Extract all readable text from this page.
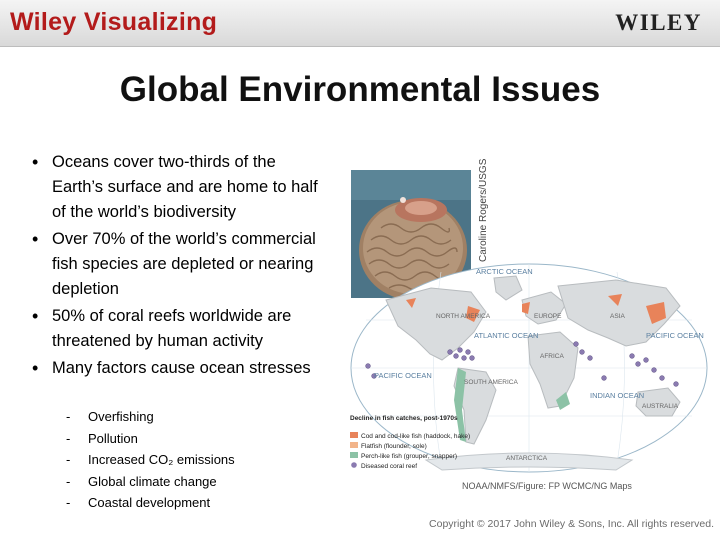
Wiley Visualizing	WILEY
Global Environmental Issues
• Oceans cover two-thirds of the Earth’s surface and are home to half of the world’s biodiversity
• Over 70% of the world’s commercial fish species are depleted or nearing depletion
• 50% of coral reefs worldwide are threatened by human activity
• Many factors cause ocean stresses
- Overfishing
- Pollution
- Increased CO₂ emissions
- Global climate change
- Coastal development
Caroline Rogers/USGS
ARCTIC OCEAN
ATLANTIC OCEAN	PACIFIC OCEAN
PACIFIC OCEAN
INDIAN OCEAN
NORTH AMERICA	EUROPE	ASIA
AFRICA
SOUTH AMERICA
AUSTRALIA
ANTARCTICA
Decline in fish catches, post-1970s
Cod and cod-like fish (haddock, hake)
Flatfish (flounder, sole)
Perch-like fish (grouper, snapper)
Diseased coral reef
NOAA/NMFS/Figure: FP WCMC/NG Maps
Copyright © 2017 John Wiley & Sons, Inc. All rights reserved.
